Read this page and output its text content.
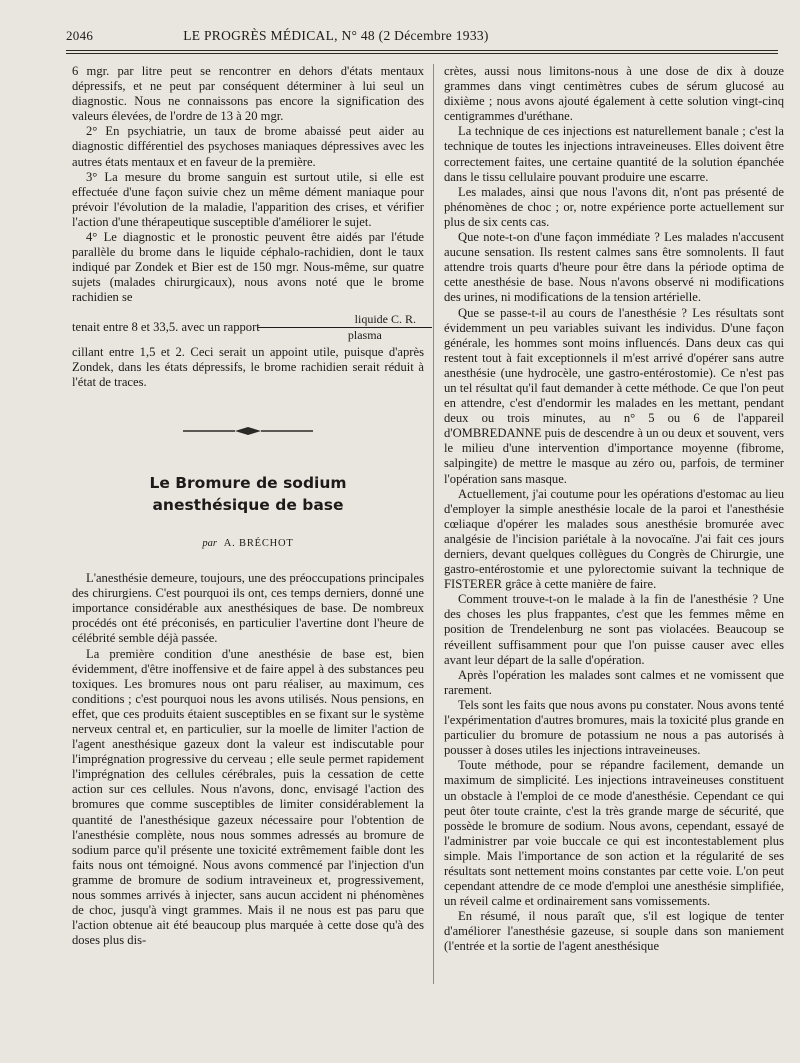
2046	LE PROGRÈS MÉDICAL, N° 48 (2 Décembre 1933)

6 mgr. par litre peut se rencontrer en dehors d'états mentaux dépressifs, et ne peut par conséquent déterminer à lui seul un diagnostic. Nous ne connaissons pas encore la signification des valeurs élevées, de l'ordre de 13 à 20 mgr.

2° En psychiatrie, un taux de brome abaissé peut aider au diagnostic différentiel des psychoses maniaques dépressives avec les autres états mentaux et en faveur de la première.

3° La mesure du brome sanguin est surtout utile, si elle est effectuée d'une façon suivie chez un même dément maniaque pour prévoir l'évolution de la maladie, l'apparition des crises, et vérifier l'action d'une thérapeutique susceptible d'améliorer le sujet.

4° Le diagnostic et le pronostic peuvent être aidés par l'étude parallèle du brome dans le liquide céphalo-rachidien, dont le taux indiqué par Zondek et Bier est de 150 mgr. Nous-même, sur quatre sujets (malades chirurgicaux), nous avons noté que le brome rachidien se

tenait entre 8 et 33,5. avec un rapport $\frac{\text{liquide C. R.}}{\text{plasma}}$

cillant entre 1,5 et 2. Ceci serait un appoint utile, puisque d'après Zondek, dans les états dépressifs, le brome rachidien serait réduit à l'état de traces.

Le Bromure de sodium
anesthésique de base
par A. BRÉCHOT

L'anesthésie demeure, toujours, une des préoccupations principales des chirurgiens. C'est pourquoi ils ont, ces temps derniers, donné une importance considérable aux anesthésiques de base. De nombreux procédés ont été préconisés, en particulier l'avertine dont l'heure de célébrité semble déjà passée.

La première condition d'une anesthésie de base est, bien évidemment, d'être inoffensive et de faire appel à des substances peu toxiques. Les bromures nous ont paru réaliser, au maximum, ces conditions ; c'est pourquoi nous les avons utilisés. Nous pensions, en effet, que ces produits étaient susceptibles en se fixant sur le système nerveux central et, en particulier, sur la moelle de limiter l'action de l'agent anesthésique gazeux dont la valeur est indiscutable pour l'imprégnation progressive du cerveau ; elle seule permet rapidement l'imprégnation des cellules cérébrales, puis la cessation de cette action sur ces cellules. Nous n'avons, donc, envisagé l'action des bromures que comme susceptibles de limiter considérablement la quantité de l'anesthésique gazeux nécessaire pour l'obtention de l'anesthésie complète, nous nous sommes adressés au bromure de sodium parce qu'il présente une toxicité extrêmement faible dont les faits nous ont témoigné. Nous avons commencé par l'injection d'un gramme de bromure de sodium intraveineux et, progressivement, nous sommes arrivés à injecter, sans aucun accident ni phénomènes de choc, jusqu'à vingt grammes. Mais il ne nous est pas paru que l'action obtenue ait été beaucoup plus marquée à cette dose qu'à des doses plus dis-

crètes, aussi nous limitons-nous à une dose de dix à douze grammes dans vingt centimètres cubes de sérum glucosé au dixième ; nous avons ajouté également à cette solution vingt-cinq centigrammes d'uréthane.

La technique de ces injections est naturellement banale ; c'est la technique de toutes les injections intraveineuses. Elles doivent être correctement faites, une certaine quantité de la solution épanchée dans le tissu cellulaire pouvant produire une escarre.

Les malades, ainsi que nous l'avons dit, n'ont pas présenté de phénomènes de choc ; or, notre expérience porte actuellement sur plus de six cents cas.

Que note-t-on d'une façon immédiate ? Les malades n'accusent aucune sensation. Ils restent calmes sans être somnolents. Il faut attendre trois quarts d'heure pour être dans la période optima de cette anesthésie de base. Nous n'avons observé ni modifications des urines, ni modifications de la tension artérielle.

Que se passe-t-il au cours de l'anesthésie ? Les résultats sont évidemment un peu variables suivant les individus. D'une façon générale, les hommes sont moins influencés. Dans deux cas qui restent tout à fait exceptionnels il m'est arrivé d'opérer sans autre anesthésie (une hydrocèle, une gastro-entérostomie). Ce n'est pas un tel résultat qu'il faut demander à cette méthode. Ce que l'on peut en attendre, c'est d'endormir les malades en les mettant, pendant deux ou trois minutes, au n° 5 ou 6 de l'appareil d'OMBREDANNE puis de descendre à un ou deux et souvent, vers le milieu d'une intervention d'importance moyenne (fibrome, salpingite) de mettre le masque au zéro ou, parfois, de terminer l'opération sans masque.

Actuellement, j'ai coutume pour les opérations d'estomac au lieu d'employer la simple anesthésie locale de la paroi et l'anesthésie cœliaque d'opérer les malades sous anesthésie bromurée avec analgésie de l'incision pariétale à la novocaïne. J'ai fait ces jours derniers, devant quelques collègues du Congrès de Chirurgie, une gastro-entérostomie et une pylorectomie suivant la technique de FISTERER grâce à cette manière de faire.

Comment trouve-t-on le malade à la fin de l'anesthésie ? Une des choses les plus frappantes, c'est que les femmes même en position de Trendelenburg ne sont pas violacées. Beaucoup se réveillent suffisamment pour que l'on puisse causer avec elles avant leur départ de la salle d'opération.

Après l'opération les malades sont calmes et ne vomissent que rarement.

Tels sont les faits que nous avons pu constater. Nous avons tenté l'expérimentation d'autres bromures, mais la toxicité plus grande en particulier du bromure de potassium ne nous a pas autorisés à pousser à doses utiles les injections intraveineuses.

Toute méthode, pour se répandre facilement, demande un maximum de simplicité. Les injections intraveineuses constituent un obstacle à l'emploi de ce mode d'anesthésie. Cependant ce qui peut ôter toute crainte, c'est la très grande marge de sécurité, que possède le bromure de sodium. Nous avons, cependant, essayé de l'administrer par voie buccale ce qui est incontestablement plus simple. Mais l'importance de son action et la régularité de ses résultats sont nettement moins constantes par cette voie. L'on peut cependant attendre de ce mode d'emploi une anesthésie simplifiée, un réveil calme et ordinairement sans vomissements.

En résumé, il nous paraît que, s'il est logique de tenter d'améliorer l'anesthésie gazeuse, si souple dans son maniement (l'entrée et la sortie de l'agent anesthésique
